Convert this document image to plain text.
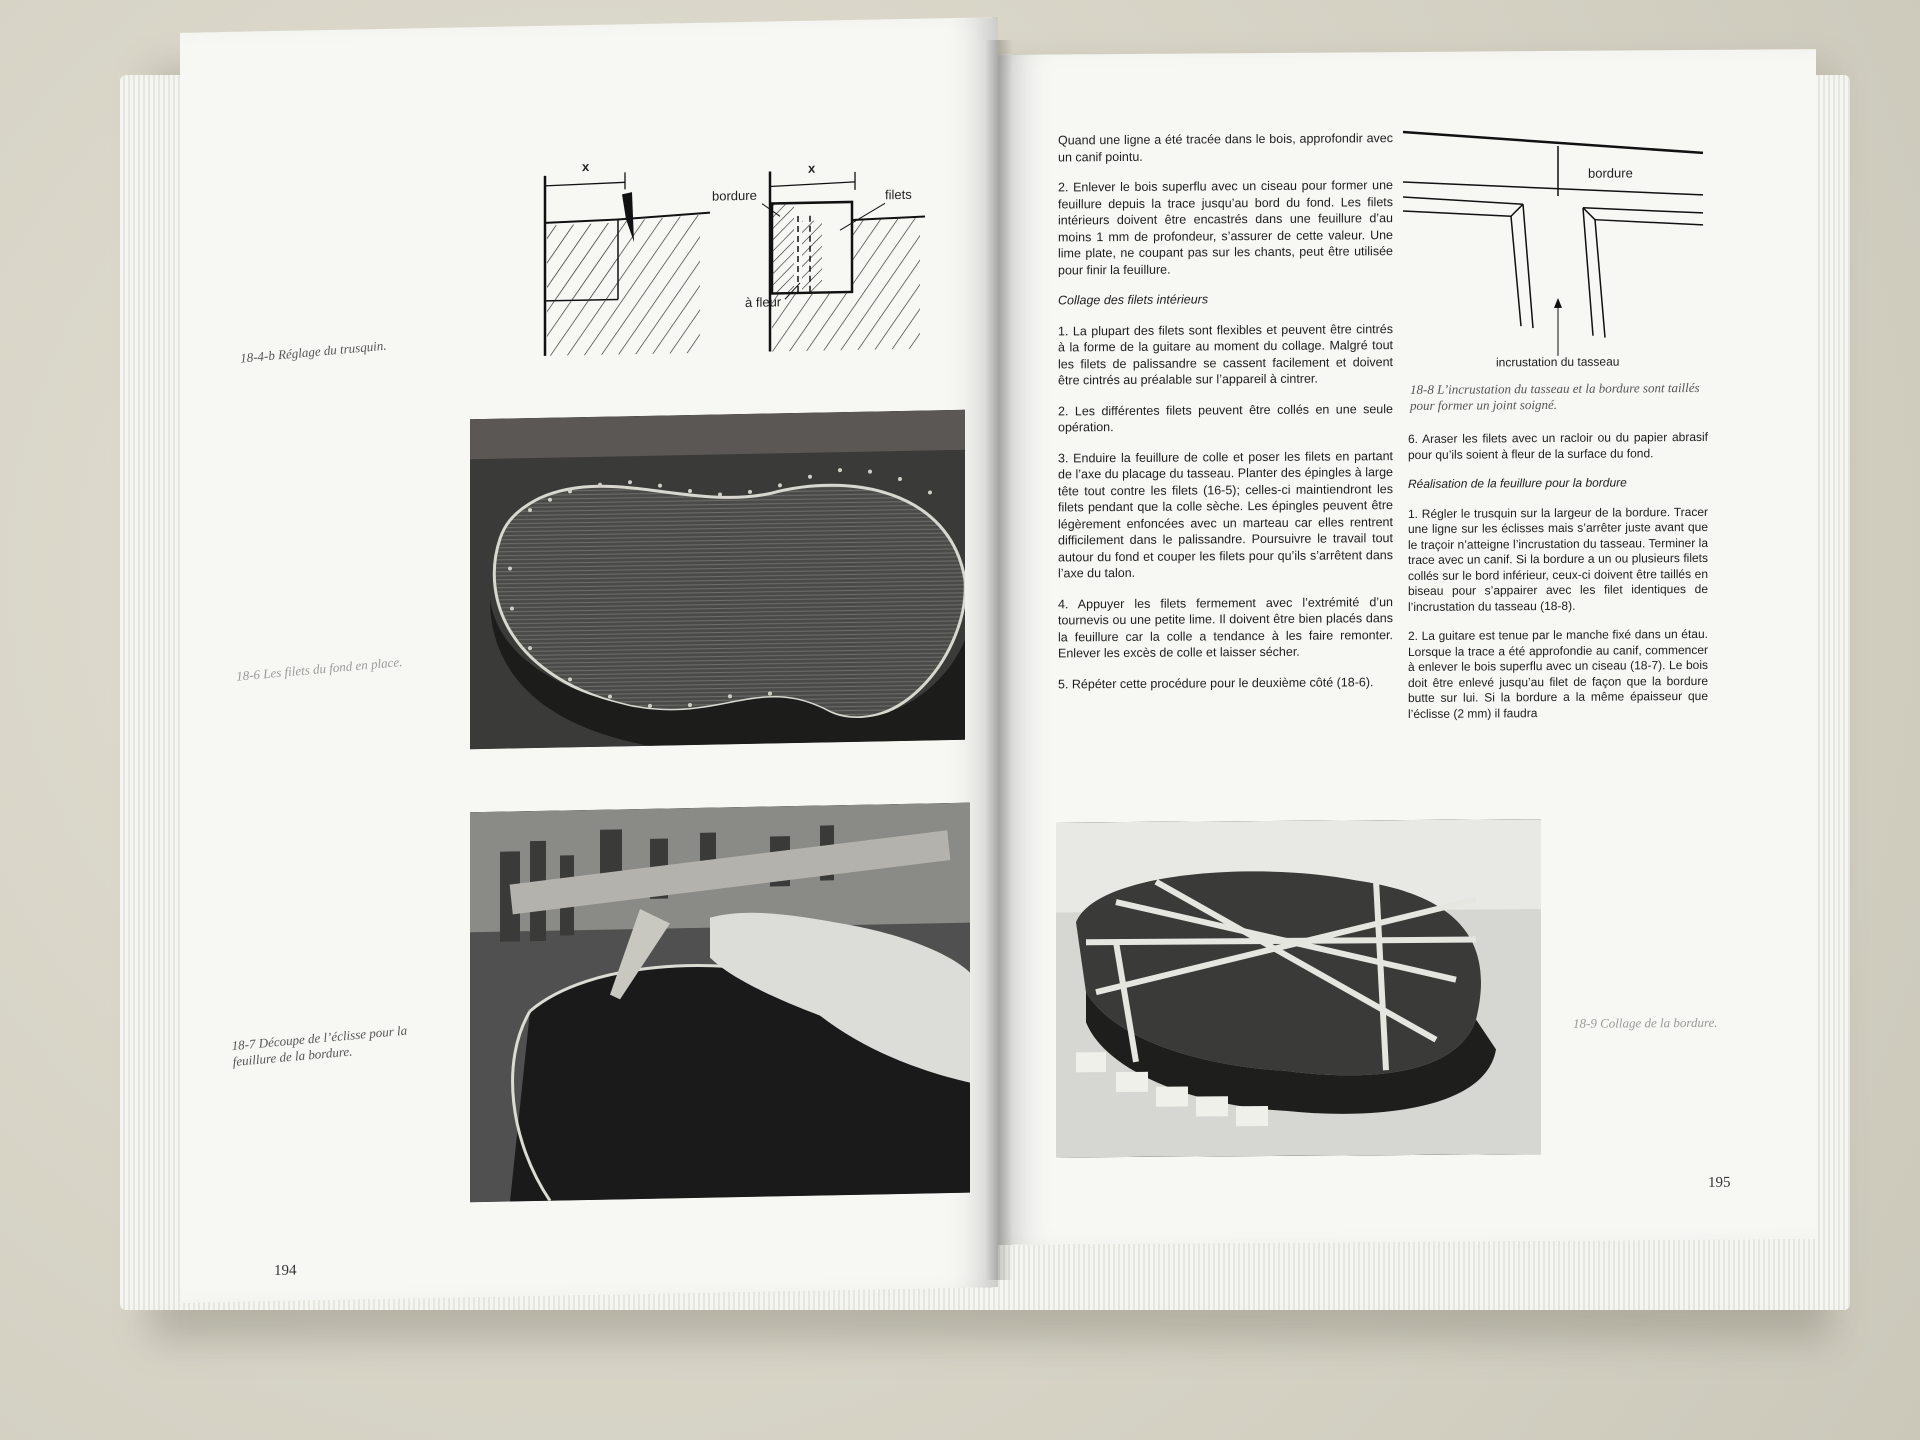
x	x
bordure	filets
à fleur
18-4-b Réglage du trusquin.
18-6 Les filets du fond en place.
18-7 Découpe de l’éclisse pour la feuillure de la bordure.
194

Quand une ligne a été tracée dans le bois, approfondir avec un canif pointu.

2. Enlever le bois superflu avec un ciseau pour former une feuillure depuis la trace jusqu’au bord du fond. Les filets intérieurs doivent être encastrés dans une feuillure d’au moins 1 mm de profondeur, s’assurer de cette valeur. Une lime plate, ne coupant pas sur les chants, peut être utilisée pour finir la feuillure.

Collage des filets intérieurs

1. La plupart des filets sont flexibles et peuvent être cintrés à la forme de la guitare au moment du collage. Malgré tout les filets de palissandre se cassent facilement et doivent être cintrés au préalable sur l’appareil à cintrer.

2. Les différentes filets peuvent être collés en une seule opération.

3. Enduire la feuillure de colle et poser les filets en partant de l’axe du placage du tasseau. Planter des épingles à large tête tout contre les filets (16-5); celles-ci maintiendront les filets pendant que la colle sèche. Les épingles peuvent être légèrement enfoncées avec un marteau car elles rentrent difficilement dans le palissandre. Poursuivre le travail tout autour du fond et couper les filets pour qu’ils s’arrêtent dans l’axe du talon.

4. Appuyer les filets fermement avec l’extrémité d’un tournevis ou une petite lime. Il doivent être bien placés dans la feuillure car la colle a tendance à les faire remonter. Enlever les excès de colle et laisser sécher.

5. Répéter cette procédure pour le deuxième côté (18-6).

bordure
incrustation du tasseau
18-8 L’incrustation du tasseau et la bordure sont taillés pour former un joint soigné.

6. Araser les filets avec un racloir ou du papier abrasif pour qu’ils soient à fleur de la surface du fond.

Réalisation de la feuillure pour la bordure

1. Régler le trusquin sur la largeur de la bordure. Tracer une ligne sur les éclisses mais s’arrêter juste avant que le traçoir n’atteigne l’incrustation du tasseau. Terminer la trace avec un canif. Si la bordure a un ou plusieurs filets collés sur le bord inférieur, ceux-ci doivent être taillés en biseau pour s’appairer avec les filet identiques de l’incrustation du tasseau (18-8).

2. La guitare est tenue par le manche fixé dans un étau. Lorsque la trace a été approfondie au canif, commencer à enlever le bois superflu avec un ciseau (18-7). Le bois doit être enlevé jusqu’au filet de façon que la bordure butte sur lui. Si la bordure a la même épaisseur que l’éclisse (2 mm) il faudra

18-9 Collage de la bordure.
195
